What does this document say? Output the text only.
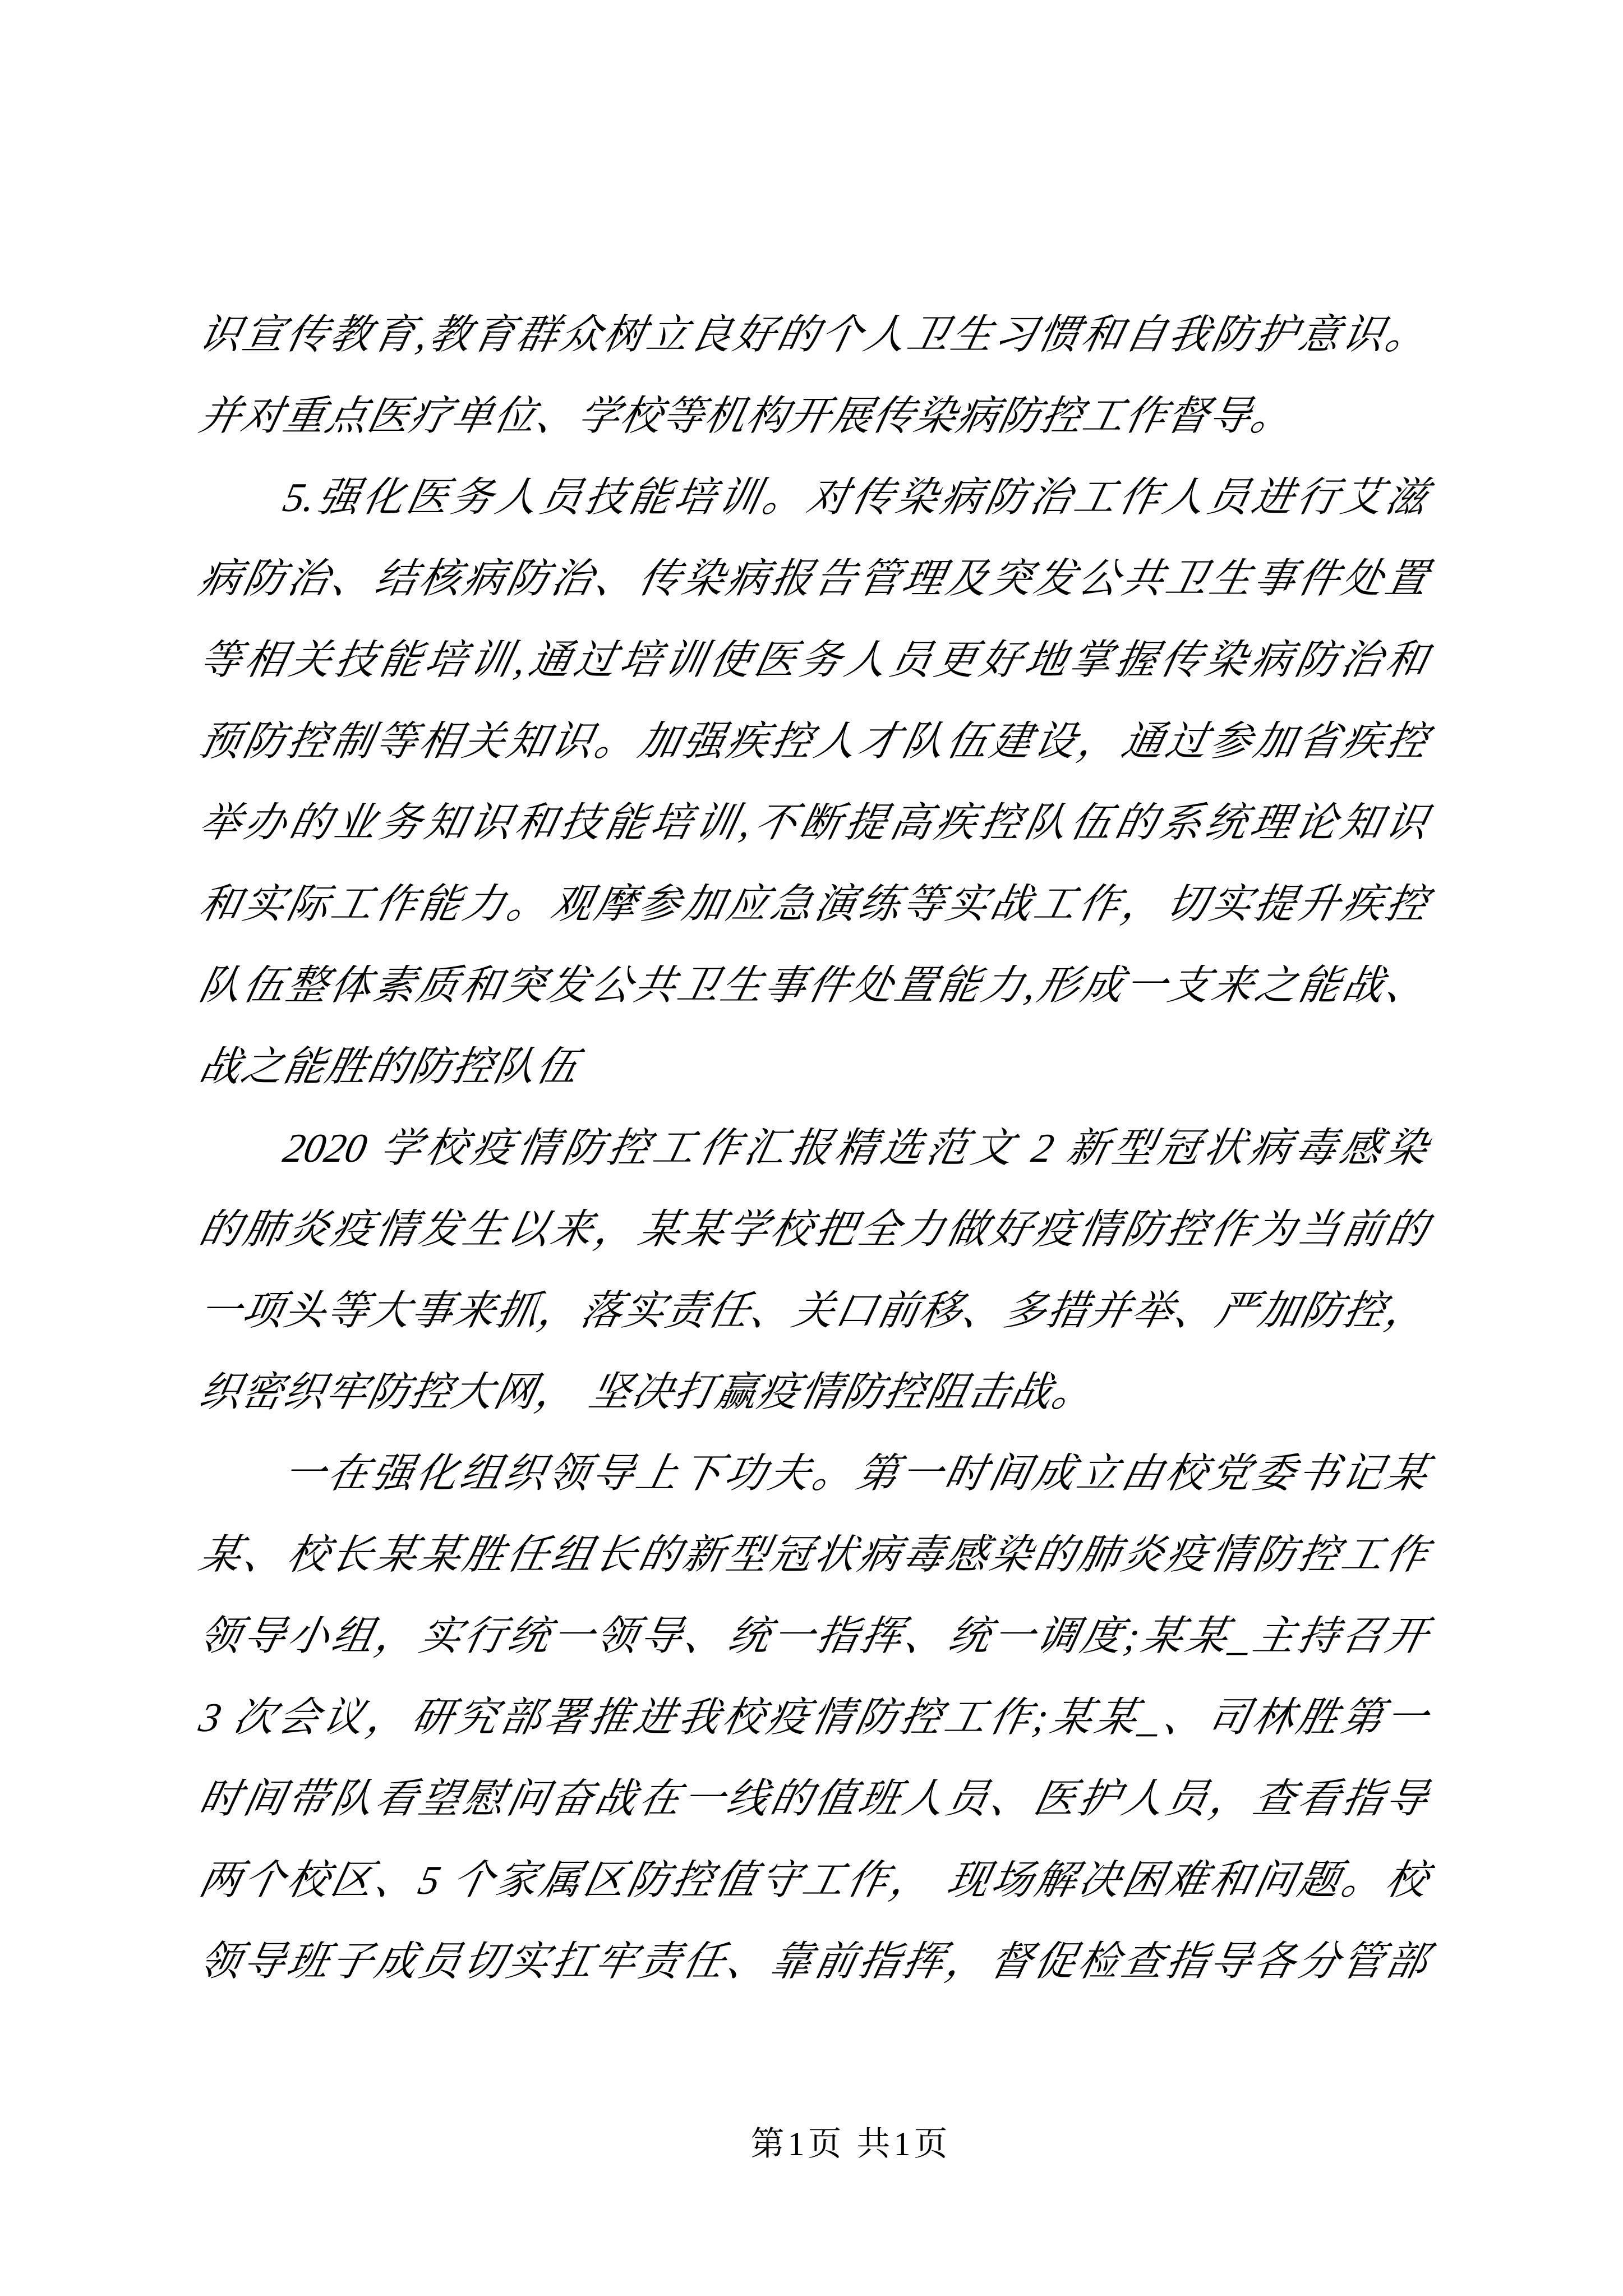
识宣传教育,教育群众树立良好的个人卫生习惯和自我防护意识。
并对重点医疗单位、学校等机构开展传染病防控工作督导。
5.强化医务人员技能培训。对传染病防治工作人员进行艾滋
病防治、结核病防治、传染病报告管理及突发公共卫生事件处置
等相关技能培训,通过培训使医务人员更好地掌握传染病防治和
预防控制等相关知识。加强疾控人才队伍建设，通过参加省疾控
举办的业务知识和技能培训,不断提高疾控队伍的系统理论知识
和实际工作能力。观摩参加应急演练等实战工作，切实提升疾控
队伍整体素质和突发公共卫生事件处置能力,形成一支来之能战、
战之能胜的防控队伍
2020 学校疫情防控工作汇报精选范文 2 新型冠状病毒感染
的肺炎疫情发生以来，某某学校把全力做好疫情防控作为当前的
一项头等大事来抓，落实责任、关口前移、多措并举、严加防控，
织密织牢防控大网， 坚决打赢疫情防控阻击战。
一在强化组织领导上下功夫。第一时间成立由校党委书记某
某、校长某某胜任组长的新型冠状病毒感染的肺炎疫情防控工作
领导小组，实行统一领导、统一指挥、统一调度;某某_主持召开
3 次会议，研究部署推进我校疫情防控工作;某某_、司林胜第一
时间带队看望慰问奋战在一线的值班人员、医护人员，查看指导
两个校区、5 个家属区防控值守工作， 现场解决困难和问题。校
领导班子成员切实扛牢责任、靠前指挥，督促检查指导各分管部
第1页 共1页
